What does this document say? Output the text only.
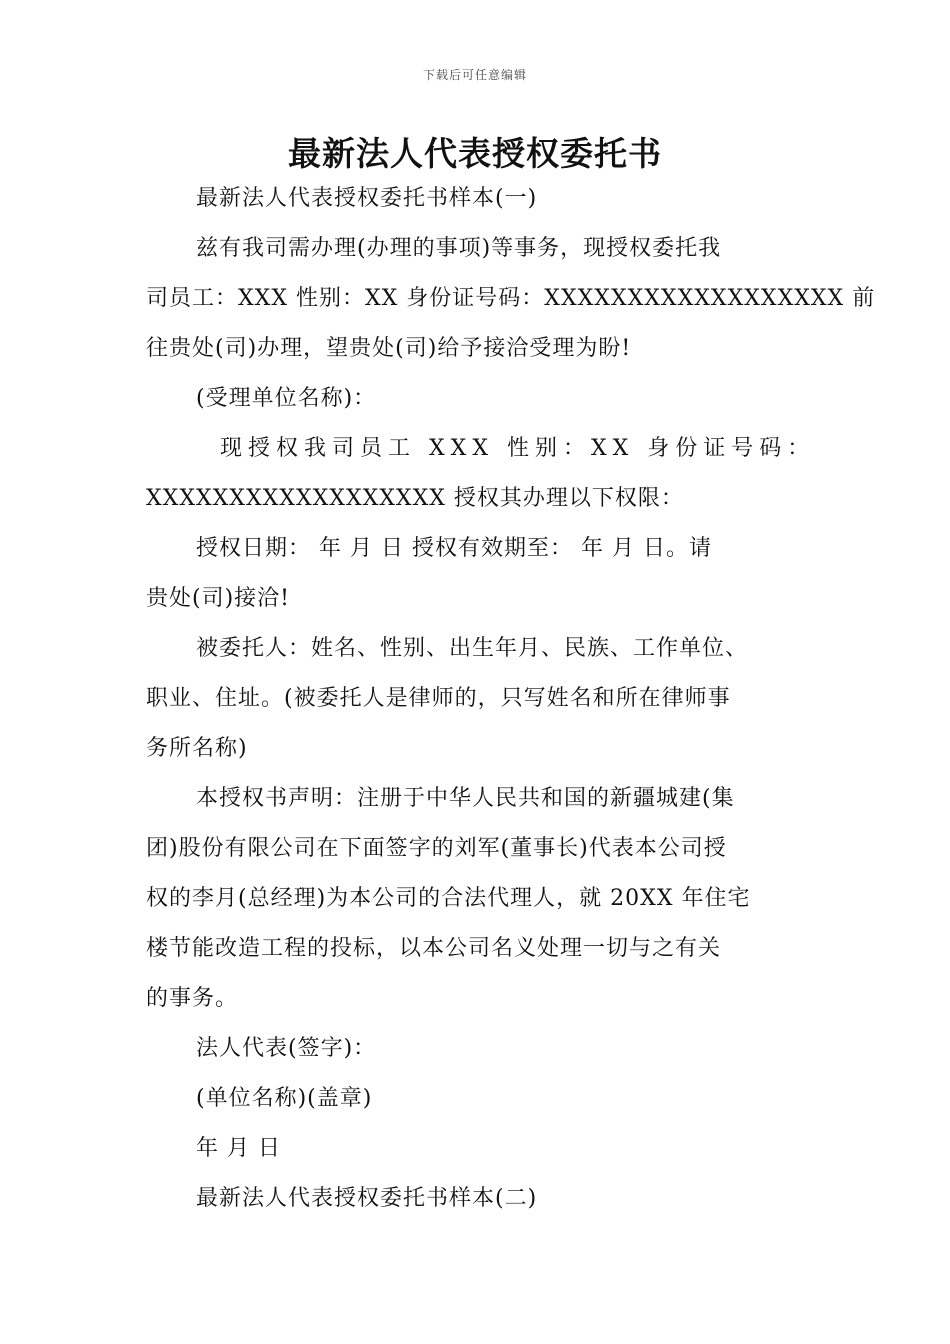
下载后可任意编辑
最新法人代表授权委托书
最新法人代表授权委托书样本(一)
兹有我司需办理(办理的事项)等事务，现授权委托我
司员工：XXX 性别：XX 身份证号码：XXXXXXXXXXXXXXXXXX 前
往贵处(司)办理，望贵处(司)给予接洽受理为盼!
(受理单位名称)：
现授权我司员工 XXX 性别：XX 身份证号码：
XXXXXXXXXXXXXXXXXX 授权其办理以下权限：
授权日期： 年 月 日 授权有效期至： 年 月 日。请
贵处(司)接洽!
被委托人：姓名、性别、出生年月、民族、工作单位、
职业、住址。(被委托人是律师的，只写姓名和所在律师事
务所名称)
本授权书声明：注册于中华人民共和国的新疆城建(集
团)股份有限公司在下面签字的刘军(董事长)代表本公司授
权的李月(总经理)为本公司的合法代理人，就 20XX 年住宅
楼节能改造工程的投标，以本公司名义处理一切与之有关
的事务。
法人代表(签字)：
(单位名称)(盖章)
年 月 日
最新法人代表授权委托书样本(二)
